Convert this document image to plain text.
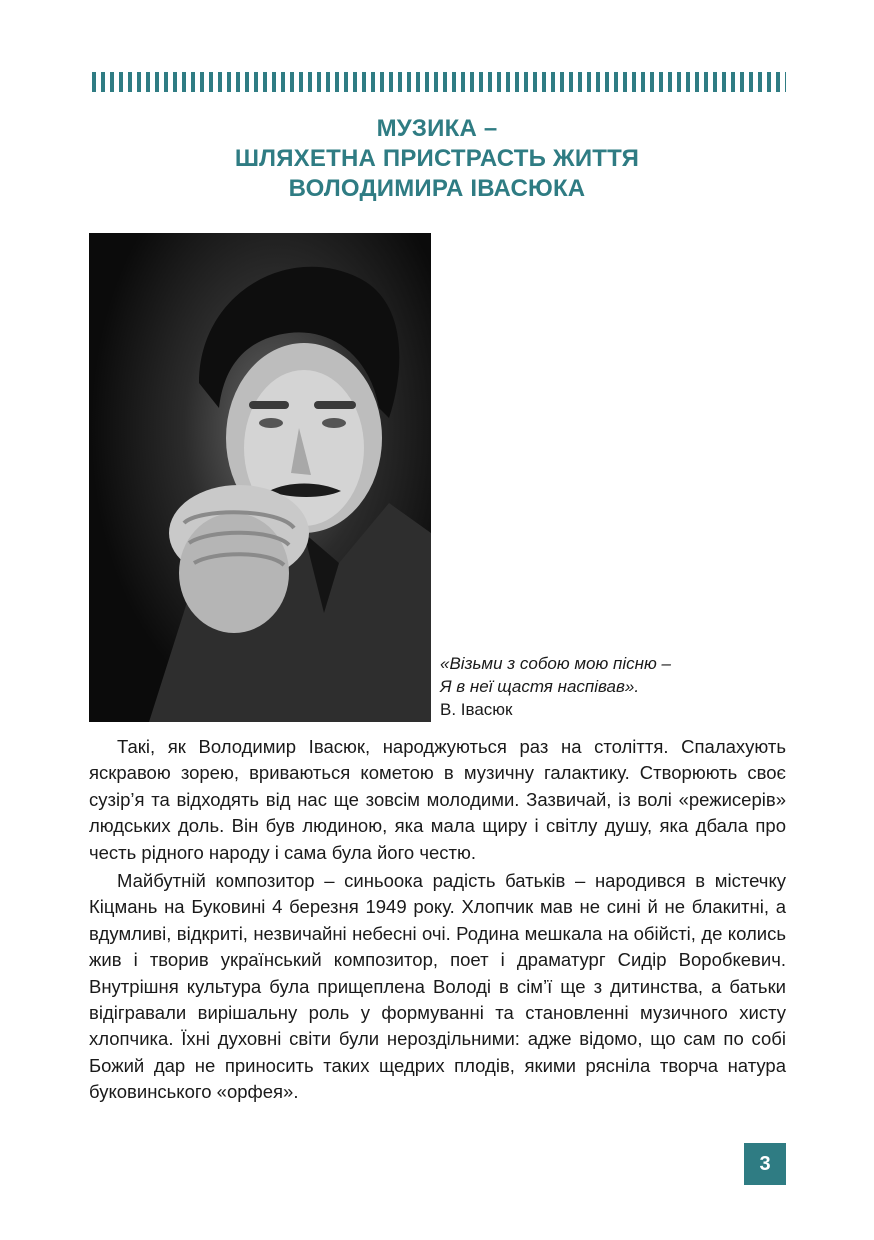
МУЗИКА –
ШЛЯХЕТНА ПРИСТРАСТЬ ЖИТТЯ
ВОЛОДИМИРА ІВАСЮКА
«Візьми з собою мою пісню –
Я в неї щастя наспівав».
В. Івасюк

Такі, як Володимир Івасюк, народжуються раз на століття. Спалахують яскравою зорею, вриваються кометою в музичну галактику. Створюють своє сузір’я та відходять від нас ще зовсім молодими. Зазвичай, із волі «режисерів» людських доль. Він був людиною, яка мала щиру і світлу душу, яка дбала про честь рідного народу і сама була його честю.

Майбутній композитор – синьоока радість батьків – народився в містечку Кіцмань на Буковині 4 березня 1949 року. Хлопчик мав не сині й не блакитні, а вдумливі, відкриті, незвичайні небесні очі. Родина мешкала на обійсті, де колись жив і творив український композитор, поет і драматург Сидір Воробкевич. Внутрішня культура була прищеплена Володі в сім’ї ще з дитинства, а батьки відігравали вирішальну роль у формуванні та становленні музичного хисту хлопчика. Їхні духовні світи були нероздільними: адже відомо, що сам по собі Божий дар не приносить таких щедрих плодів, якими рясніла творча натура буковинського «орфея».

3
